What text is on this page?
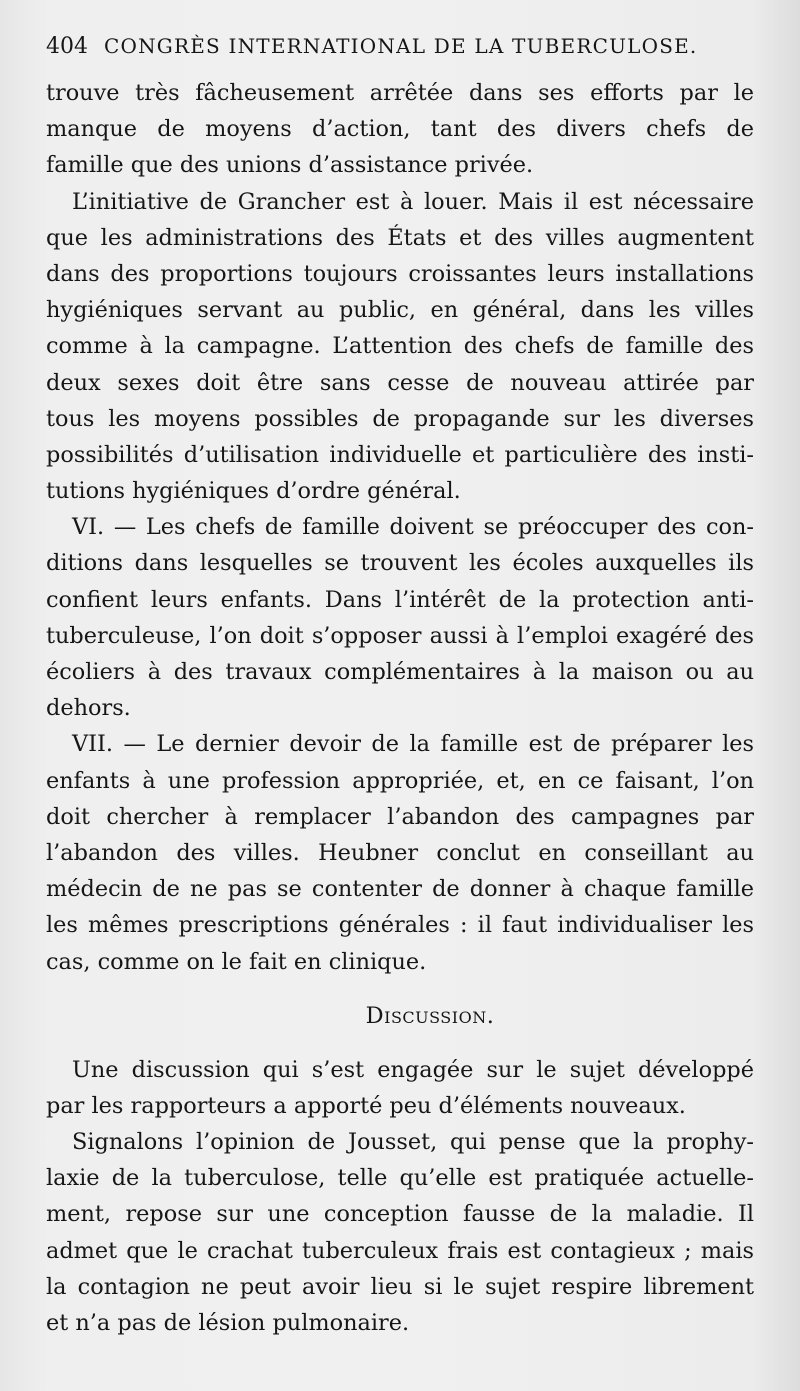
404 CONGRÈS INTERNATIONAL DE LA TUBERCULOSE.
trouve très fâcheusement arrêtée dans ses efforts par le
manque de moyens d’action, tant des divers chefs de
famille que des unions d’assistance privée.
L’initiative de Grancher est à louer. Mais il est nécessaire
que les administrations des États et des villes augmentent
dans des proportions toujours croissantes leurs installations
hygiéniques servant au public, en général, dans les villes
comme à la campagne. L’attention des chefs de famille des
deux sexes doit être sans cesse de nouveau attirée par
tous les moyens possibles de propagande sur les diverses
possibilités d’utilisation individuelle et particulière des insti-
tutions hygiéniques d’ordre général.
VI. — Les chefs de famille doivent se préoccuper des con-
ditions dans lesquelles se trouvent les écoles auxquelles ils
confient leurs enfants. Dans l’intérêt de la protection anti-
tuberculeuse, l’on doit s’opposer aussi à l’emploi exagéré des
écoliers à des travaux complémentaires à la maison ou au
dehors.
VII. — Le dernier devoir de la famille est de préparer les
enfants à une profession appropriée, et, en ce faisant, l’on
doit chercher à remplacer l’abandon des campagnes par
l’abandon des villes. Heubner conclut en conseillant au
médecin de ne pas se contenter de donner à chaque famille
les mêmes prescriptions générales : il faut individualiser les
cas, comme on le fait en clinique.
Discussion.
Une discussion qui s’est engagée sur le sujet développé
par les rapporteurs a apporté peu d’éléments nouveaux.
Signalons l’opinion de Jousset, qui pense que la prophy-
laxie de la tuberculose, telle qu’elle est pratiquée actuelle-
ment, repose sur une conception fausse de la maladie. Il
admet que le crachat tuberculeux frais est contagieux ; mais
la contagion ne peut avoir lieu si le sujet respire librement
et n’a pas de lésion pulmonaire.
